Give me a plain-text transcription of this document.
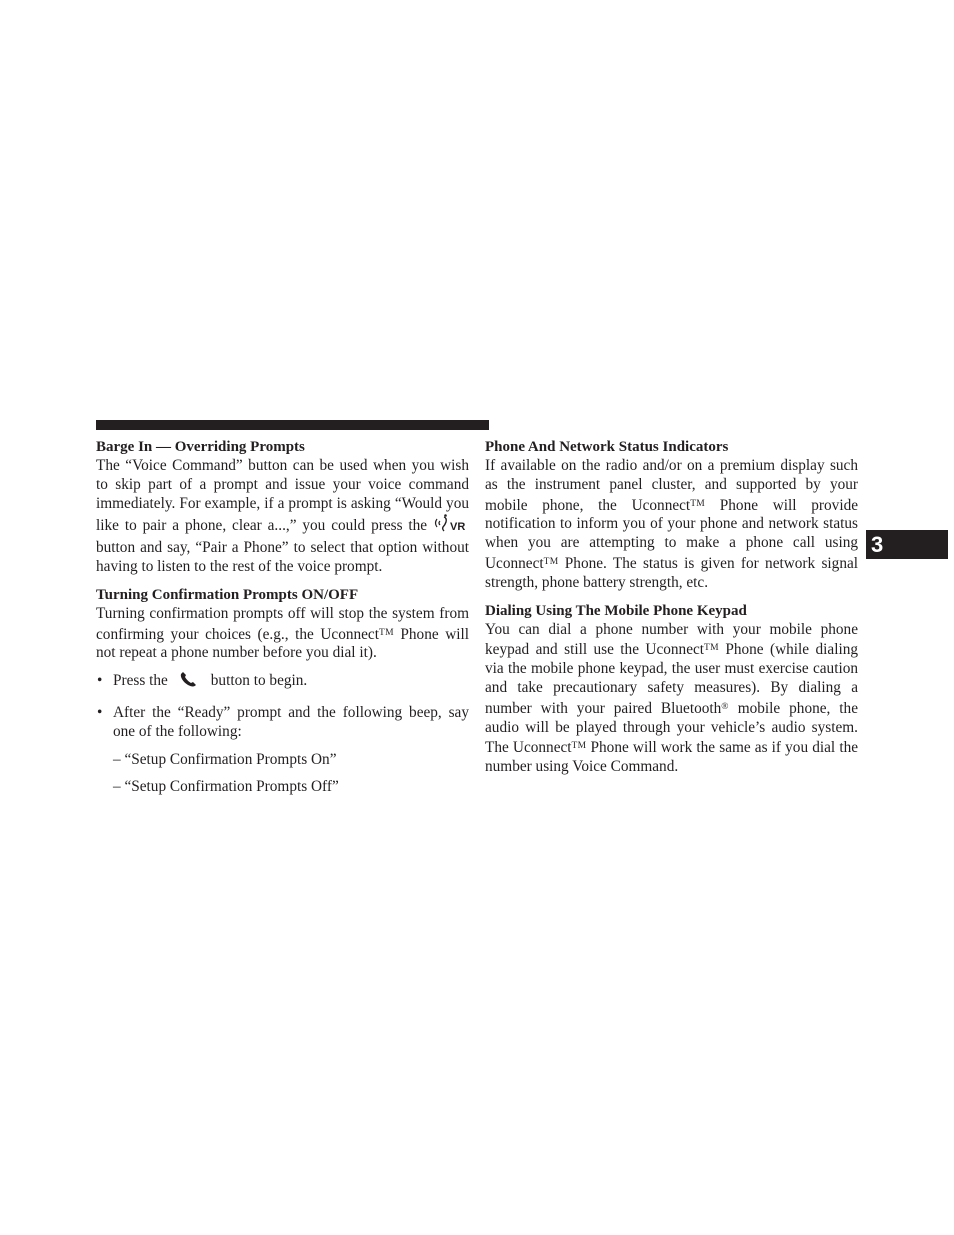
3
Barge In — Overriding Prompts

The “Voice Command” button can be used when you wish to skip part of a prompt and issue your voice command immediately. For example, if a prompt is asking “Would you like to pair a phone, clear a...,” you could press the VR
button and say, “Pair a Phone” to select that option without having to listen to the rest of the voice prompt.

Turning Confirmation Prompts ON/OFF

Turning confirmation prompts off will stop the system from confirming your choices (e.g., the Uconnect™ Phone will not repeat a phone number before you dial it).

• Press the	button to begin.
• After the “Ready” prompt and the following beep, say one of the following:
– “Setup Confirmation Prompts On”
– “Setup Confirmation Prompts Off”
Phone And Network Status Indicators

If available on the radio and/or on a premium display such as the instrument panel cluster, and supported by your mobile phone, the Uconnect™ Phone will provide notification to inform you of your phone and network status when you are attempting to make a phone call using Uconnect™ Phone. The status is given for network signal strength, phone battery strength, etc.

Dialing Using The Mobile Phone Keypad

You can dial a phone number with your mobile phone keypad and still use the Uconnect™ Phone (while dialing via the mobile phone keypad, the user must exercise caution and take precautionary safety measures). By dialing a number with your paired Bluetooth® mobile phone, the audio will be played through your vehicle’s audio system. The Uconnect™ Phone will work the same as if you dial the number using Voice Command.
